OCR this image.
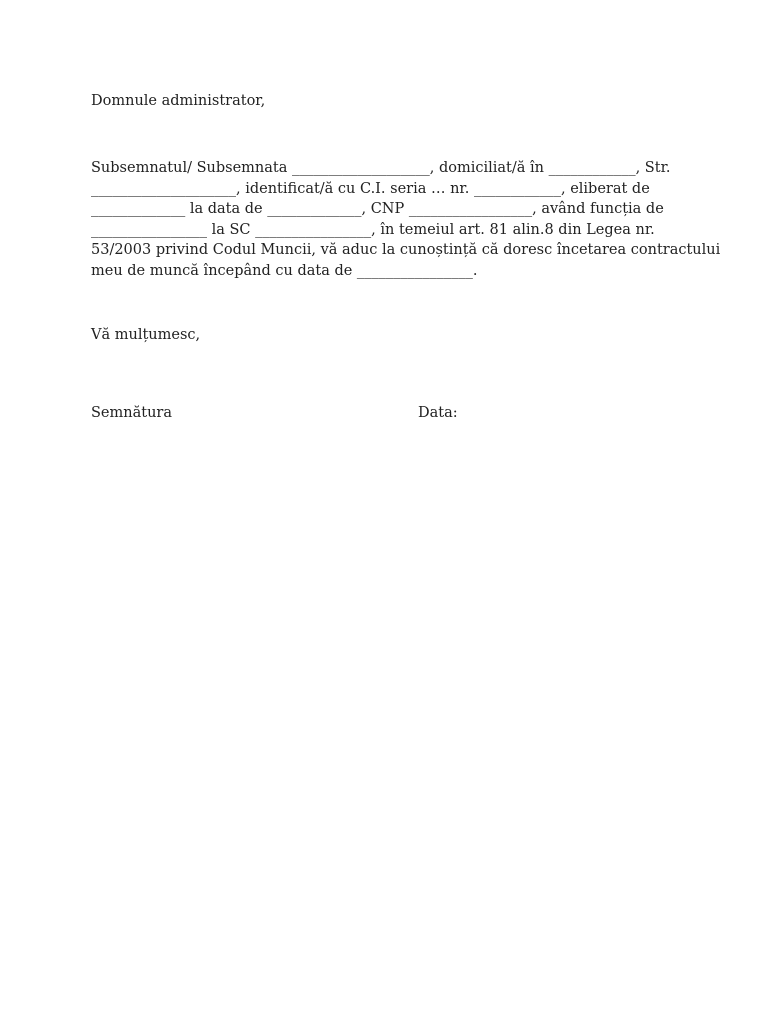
Domnule administrator,
Subsemnatul/ Subsemnata ___________________, domiciliat/ă în ____________, Str.
____________________, identificat/ă cu C.I. seria … nr. ____________, eliberat de
_____________ la data de _____________, CNP _________________, având funcția de
________________ la SC ________________, în temeiul art. 81 alin.8 din Legea nr.
53/2003 privind Codul Muncii, vă aduc la cunoștință că doresc încetarea contractului
meu de muncă începând cu data de ________________.
Vă mulțumesc,
Semnătura	Data:
